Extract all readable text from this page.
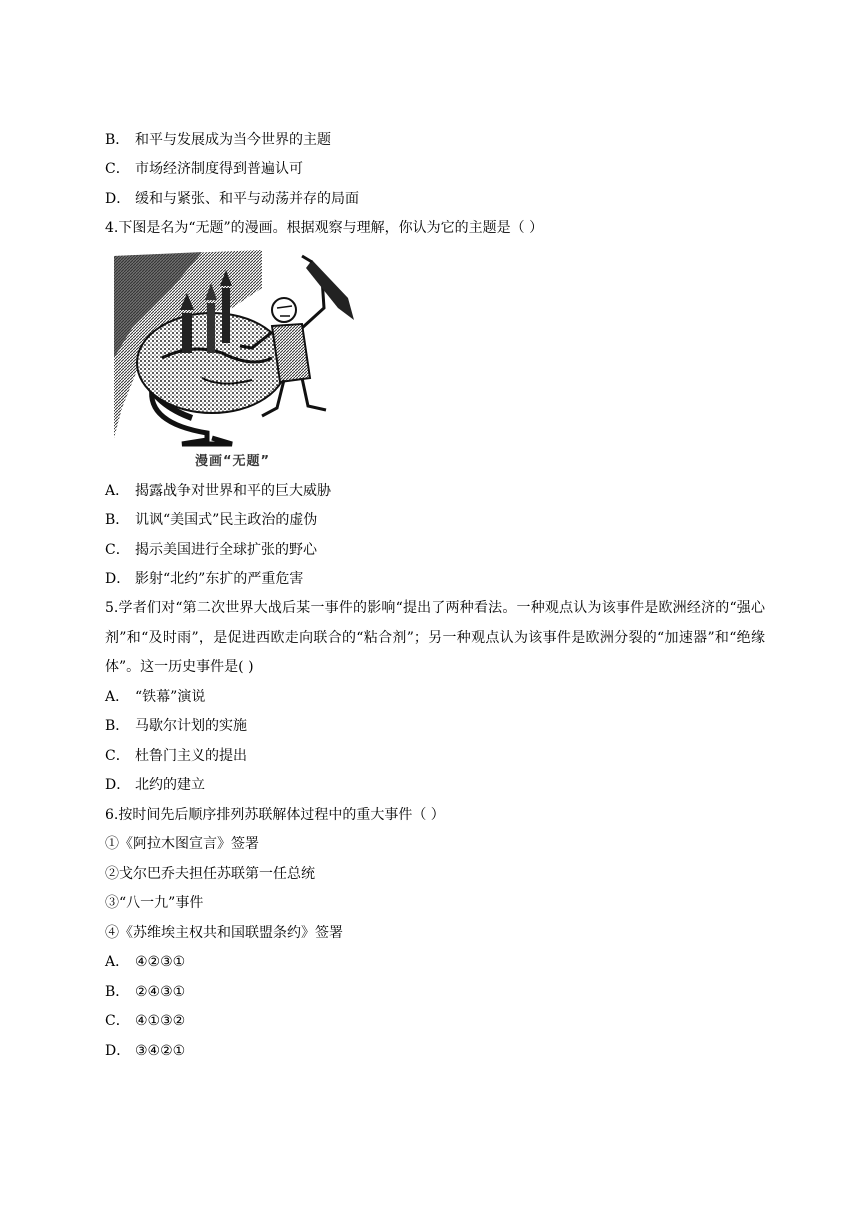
B． 和平与发展成为当今世界的主题
C． 市场经济制度得到普遍认可
D． 缓和与紧张、和平与动荡并存的局面
4.下图是名为“无题”的漫画。根据观察与理解，你认为它的主题是（ ）
漫画“无题”
A． 揭露战争对世界和平的巨大威胁
B． 讥讽“美国式”民主政治的虚伪
C． 揭示美国进行全球扩张的野心
D． 影射“北约”东扩的严重危害
5.学者们对“第二次世界大战后某一事件的影响“提出了两种看法。一种观点认为该事件是欧洲经济的“强心剂”和“及时雨”，是促进西欧走向联合的“粘合剂”；另一种观点认为该事件是欧洲分裂的“加速器”和“绝缘体”。这一历史事件是( )
A． “铁幕”演说
B． 马歇尔计划的实施
C． 杜鲁门主义的提出
D． 北约的建立
6.按时间先后顺序排列苏联解体过程中的重大事件（ ）
①《阿拉木图宣言》签署
②戈尔巴乔夫担任苏联第一任总统
③“八一九”事件
④《苏维埃主权共和国联盟条约》签署
A． ④②③①
B． ②④③①
C． ④①③②
D． ③④②①
